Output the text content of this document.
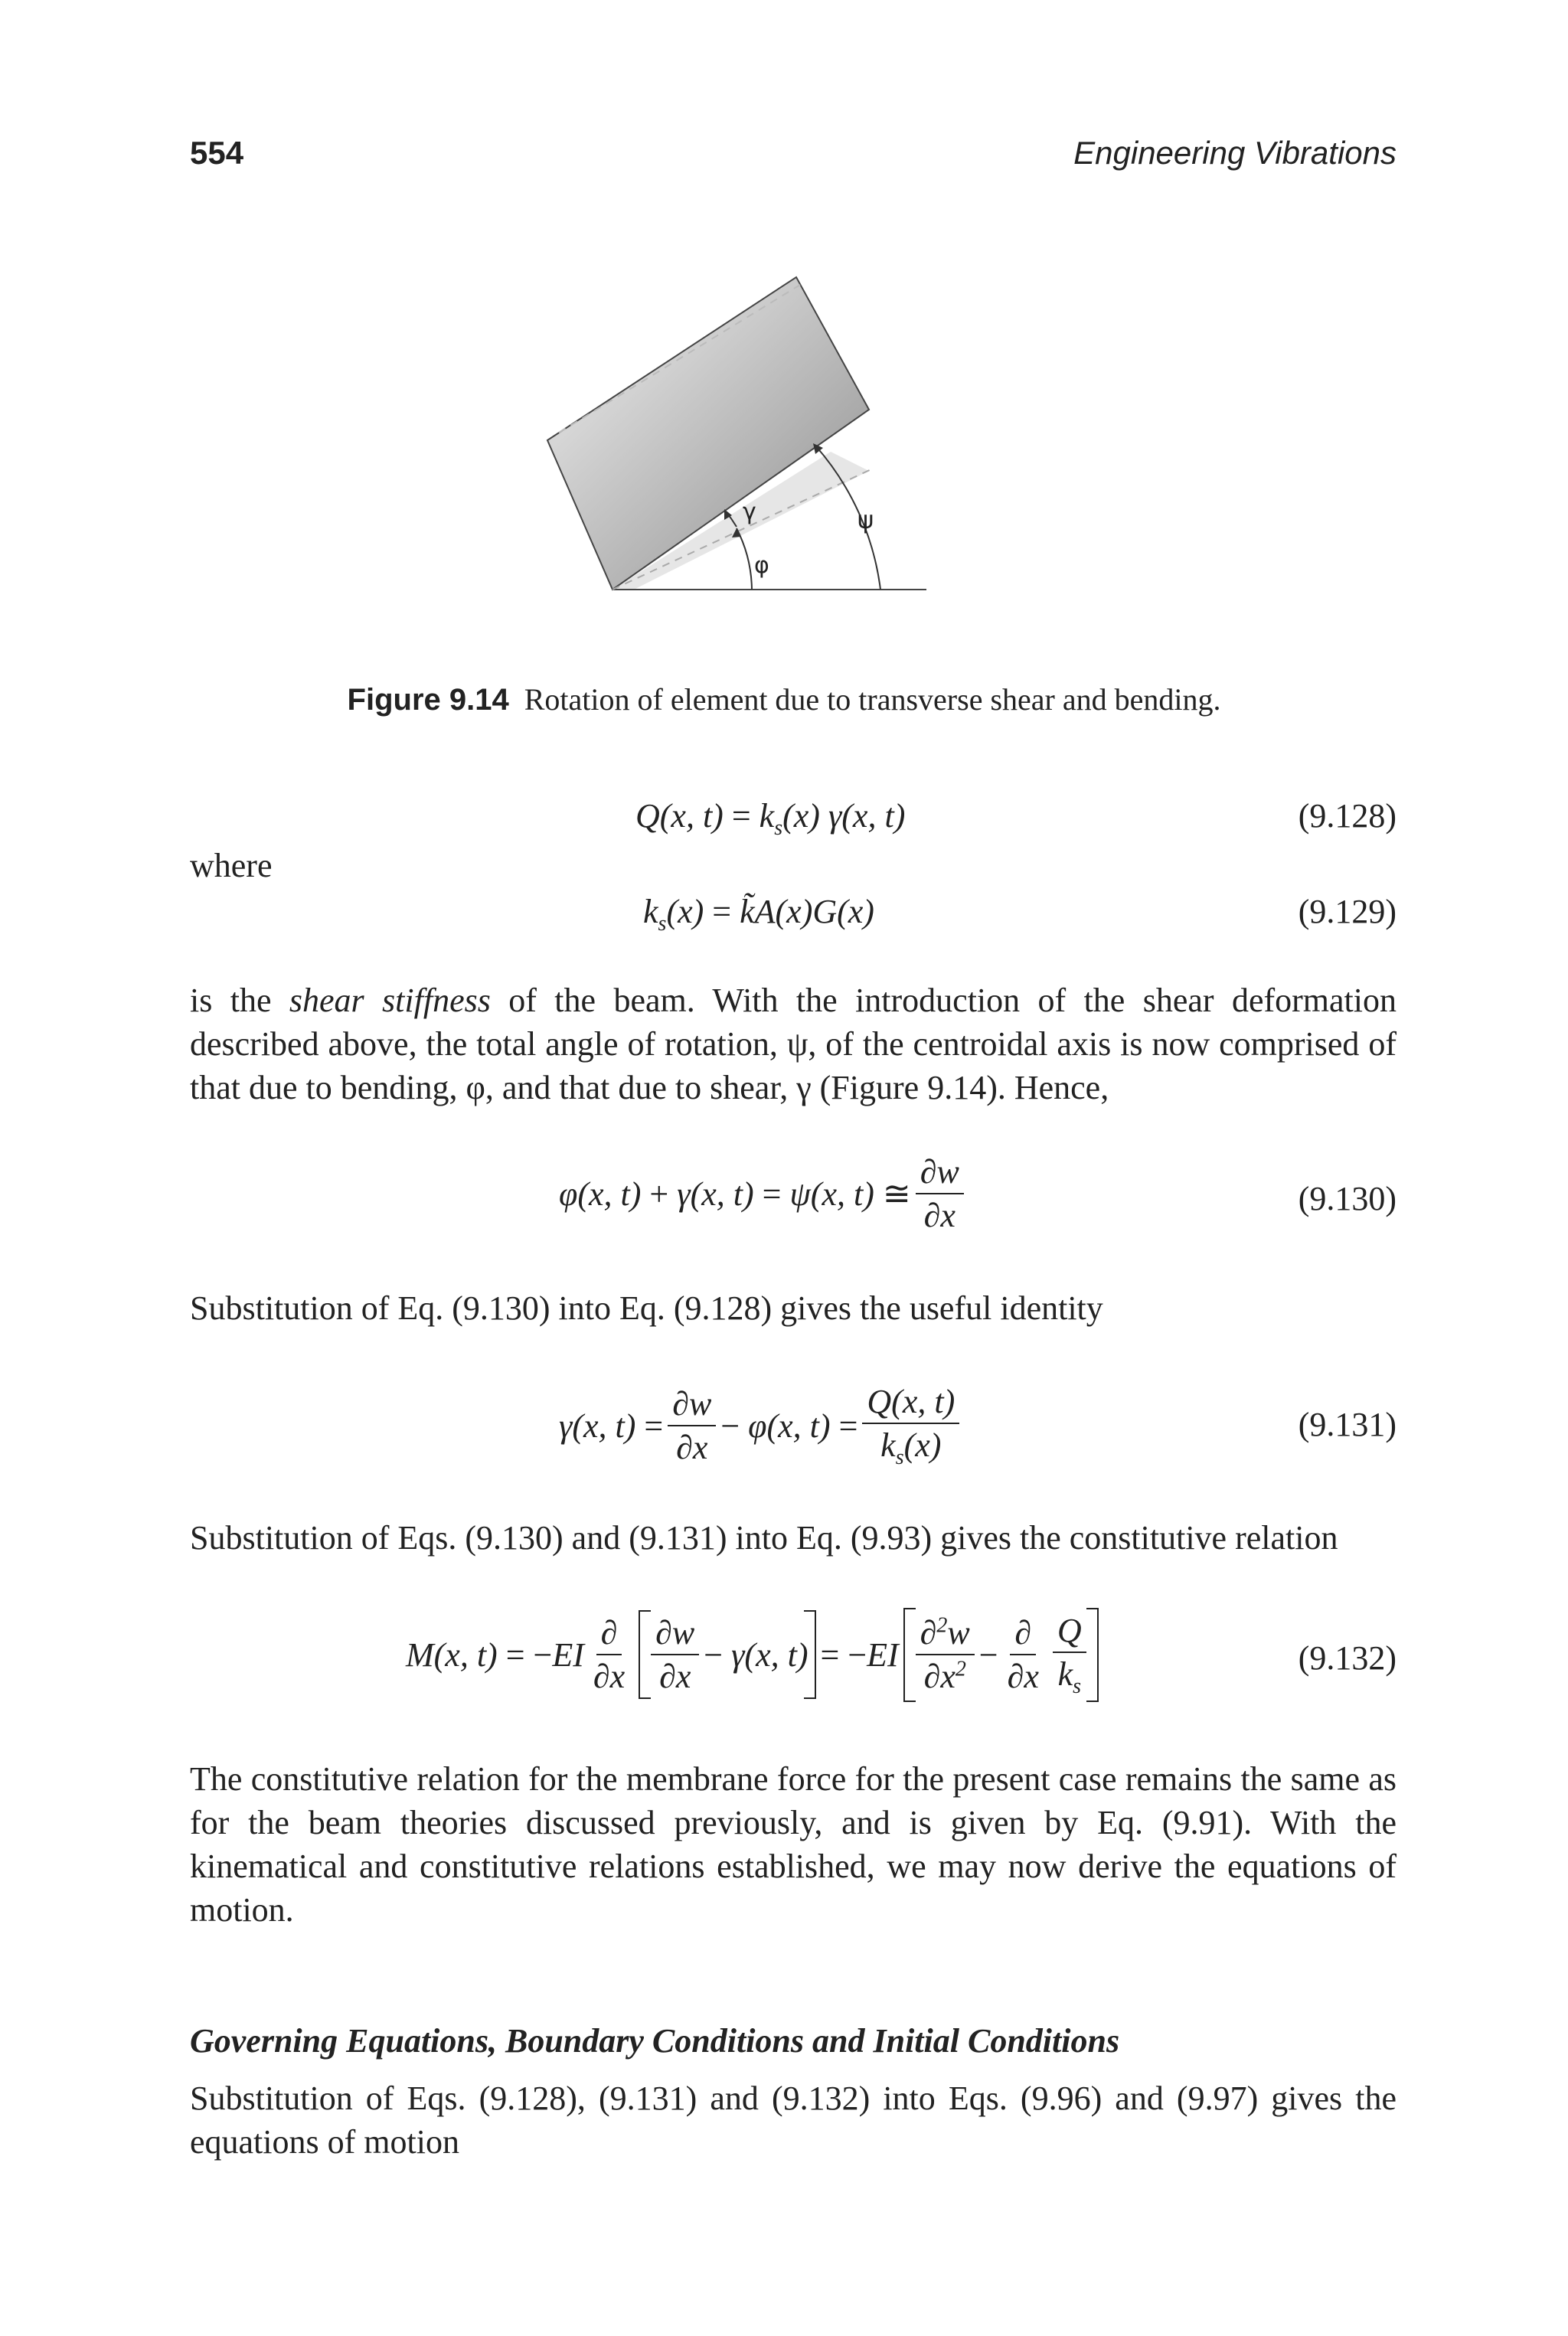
554	Engineering Vibrations
γ	ψ
φ
Figure 9.14 Rotation of element due to transverse shear and bending.
Q(x, $t) = k_s(x)$ γ(x, t)	(9.128)
where
$k_s(x)$ = k̃A(x)G(x)	(9.129)
is the shear stiffness of the beam. With the introduction of the shear deformation described above, the total angle of rotation, ψ, of the centroidal axis is now comprised of that due to bending, φ, and that due to shear, γ (Figure 9.14). Hence,
φ(x, t) + γ(x, t) = ψ(x, t) ≅ $\frac{\partial w}{\partial x}$	(9.130)
Substitution of Eq. (9.130) into Eq. (9.128) gives the useful identity
γ(x, $t) = \frac{\partial w}{\partial x} - \varphi(x$, $t) = \frac{Q(x, t)}{k_s(x)}$	(9.131)
Substitution of Eqs. (9.130) and (9.131) into Eq. (9.93) gives the constitutive relation
M(x, t) = − EI $\frac{\partial}{\partial x} \frac{\partial w}{\partial x} - \gamma(x$, t) = − EI $\frac{\partial^2w}{\partial x^2} - \frac{\partial}{\partial x} \frac{Q}{k_s}$	(9.132)
The constitutive relation for the membrane force for the present case remains the same as for the beam theories discussed previously, and is given by Eq. (9.91). With the kinematical and constitutive relations established, we may now derive the equations of motion.
Governing Equations, Boundary Conditions and Initial Conditions
Substitution of Eqs. (9.128), (9.131) and (9.132) into Eqs. (9.96) and (9.97) gives the equations of motion
